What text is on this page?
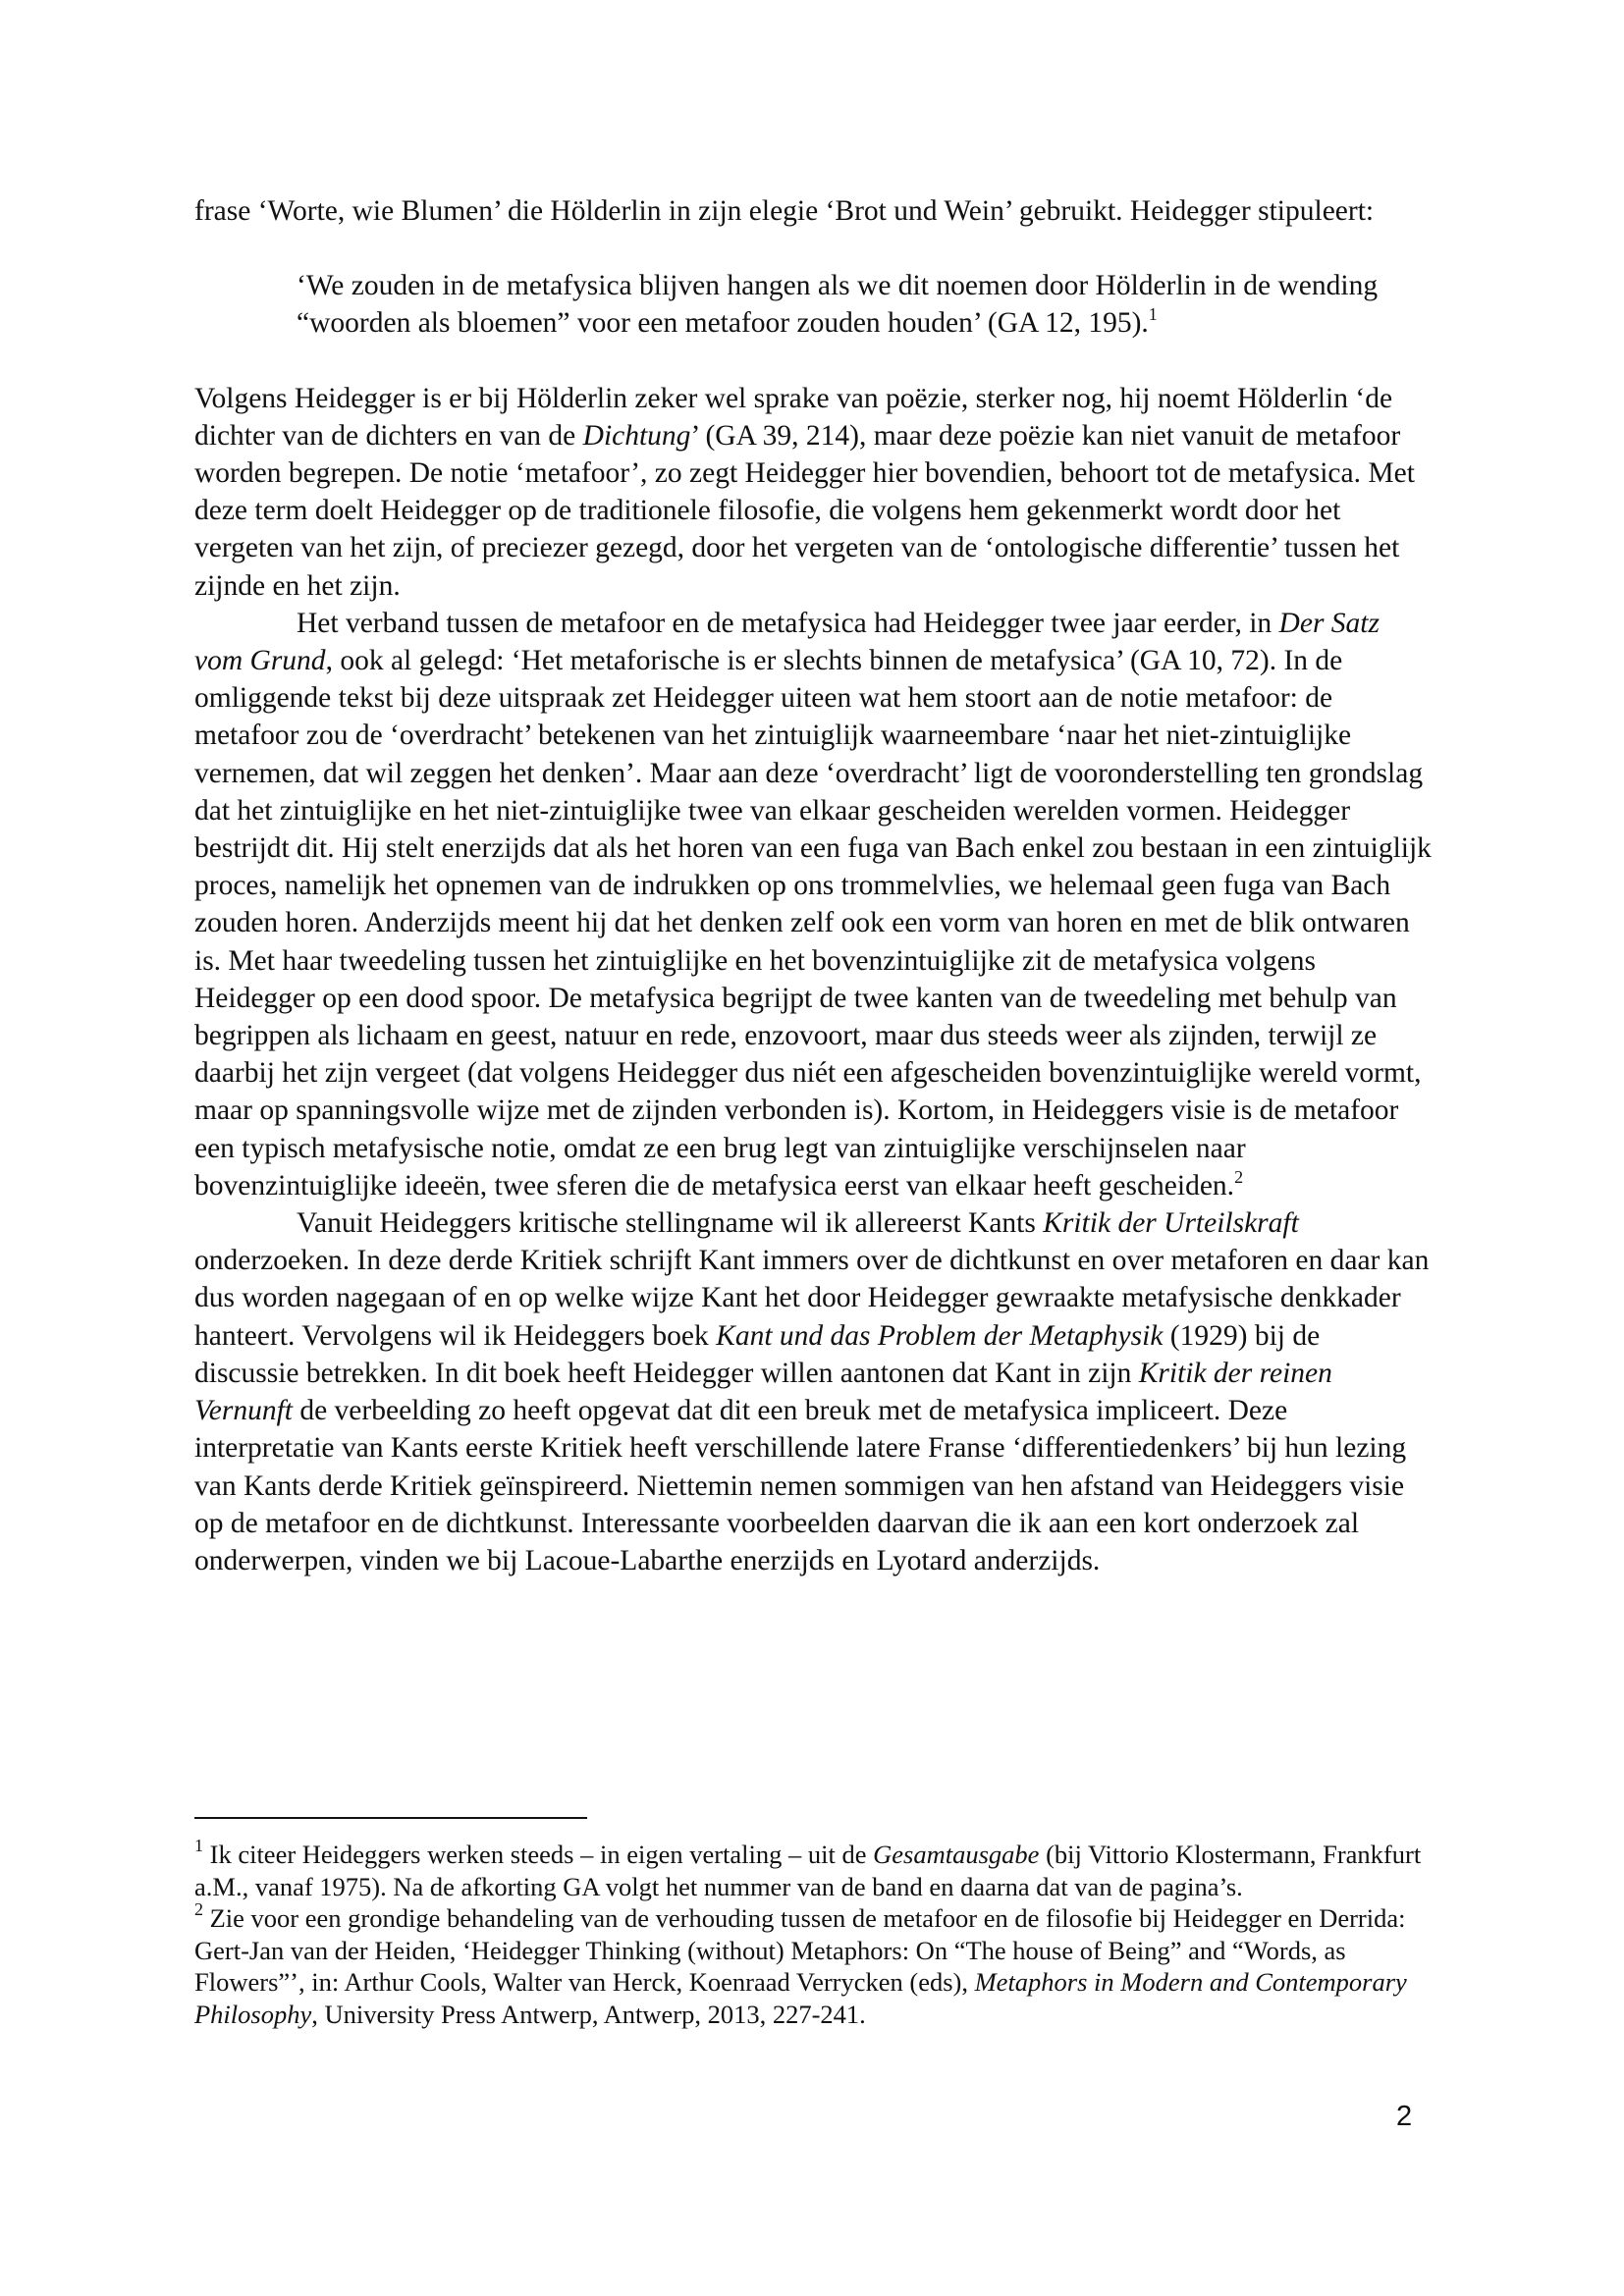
frase ‘Worte, wie Blumen’ die Hölderlin in zijn elegie ‘Brot und Wein’ gebruikt. Heidegger stipuleert:

‘We zouden in de metafysica blijven hangen als we dit noemen door Hölderlin in de wending “woorden als bloemen” voor een metafoor zouden houden’ (GA 12, 195).$^1$

Volgens Heidegger is er bij Hölderlin zeker wel sprake van poëzie, sterker nog, hij noemt Hölderlin ‘de dichter van de dichters en van de Dichtung’ (GA 39, 214), maar deze poëzie kan niet vanuit de metafoor worden begrepen. De notie ‘metafoor’, zo zegt Heidegger hier bovendien, behoort tot de metafysica. Met deze term doelt Heidegger op de traditionele filosofie, die volgens hem gekenmerkt wordt door het vergeten van het zijn, of preciezer gezegd, door het vergeten van de ‘ontologische differentie’ tussen het zijnde en het zijn.

Het verband tussen de metafoor en de metafysica had Heidegger twee jaar eerder, in Der Satz vom Grund, ook al gelegd: ‘Het metaforische is er slechts binnen de metafysica’ (GA 10, 72). In de omliggende tekst bij deze uitspraak zet Heidegger uiteen wat hem stoort aan de notie metafoor: de metafoor zou de ‘overdracht’ betekenen van het zintuiglijk waarneembare ‘naar het niet-zintuiglijke vernemen, dat wil zeggen het denken’. Maar aan deze ‘overdracht’ ligt de vooronderstelling ten grondslag dat het zintuiglijke en het niet-zintuiglijke twee van elkaar gescheiden werelden vormen. Heidegger bestrijdt dit. Hij stelt enerzijds dat als het horen van een fuga van Bach enkel zou bestaan in een zintuiglijk proces, namelijk het opnemen van de indrukken op ons trommelvlies, we helemaal geen fuga van Bach zouden horen. Anderzijds meent hij dat het denken zelf ook een vorm van horen en met de blik ontwaren is. Met haar tweedeling tussen het zintuiglijke en het bovenzintuiglijke zit de metafysica volgens Heidegger op een dood spoor. De metafysica begrijpt de twee kanten van de tweedeling met behulp van begrippen als lichaam en geest, natuur en rede, enzovoort, maar dus steeds weer als zijnden, terwijl ze daarbij het zijn vergeet (dat volgens Heidegger dus niét een afgescheiden bovenzintuiglijke wereld vormt, maar op spanningsvolle wijze met de zijnden verbonden is). Kortom, in Heideggers visie is de metafoor een typisch metafysische notie, omdat ze een brug legt van zintuiglijke verschijnselen naar bovenzintuiglijke ideeën, twee sferen die de metafysica eerst van elkaar heeft gescheiden.$^2$

Vanuit Heideggers kritische stellingname wil ik allereerst Kants Kritik der Urteilskraft onderzoeken. In deze derde Kritiek schrijft Kant immers over de dichtkunst en over metaforen en daar kan dus worden nagegaan of en op welke wijze Kant het door Heidegger gewraakte metafysische denkkader hanteert. Vervolgens wil ik Heideggers boek Kant und das Problem der Metaphysik (1929) bij de discussie betrekken. In dit boek heeft Heidegger willen aantonen dat Kant in zijn Kritik der reinen Vernunft de verbeelding zo heeft opgevat dat dit een breuk met de metafysica impliceert. Deze interpretatie van Kants eerste Kritiek heeft verschillende latere Franse ‘differentiedenkers’ bij hun lezing van Kants derde Kritiek geïnspireerd. Niettemin nemen sommigen van hen afstand van Heideggers visie op de metafoor en de dichtkunst. Interessante voorbeelden daarvan die ik aan een kort onderzoek zal onderwerpen, vinden we bij Lacoue-Labarthe enerzijds en Lyotard anderzijds.

$^1$ Ik citeer Heideggers werken steeds – in eigen vertaling – uit de Gesamtausgabe (bij Vittorio Klostermann, Frankfurt a.M., vanaf 1975). Na de afkorting GA volgt het nummer van de band en daarna dat van de pagina’s.

$^2$ Zie voor een grondige behandeling van de verhouding tussen de metafoor en de filosofie bij Heidegger en Derrida: Gert-Jan van der Heiden, ‘Heidegger Thinking (without) Metaphors: On “The house of Being” and “Words, as Flowers”’, in: Arthur Cools, Walter van Herck, Koenraad Verrycken (eds), Metaphors in Modern and Contemporary Philosophy, University Press Antwerp, Antwerp, 2013, 227-241.

2
